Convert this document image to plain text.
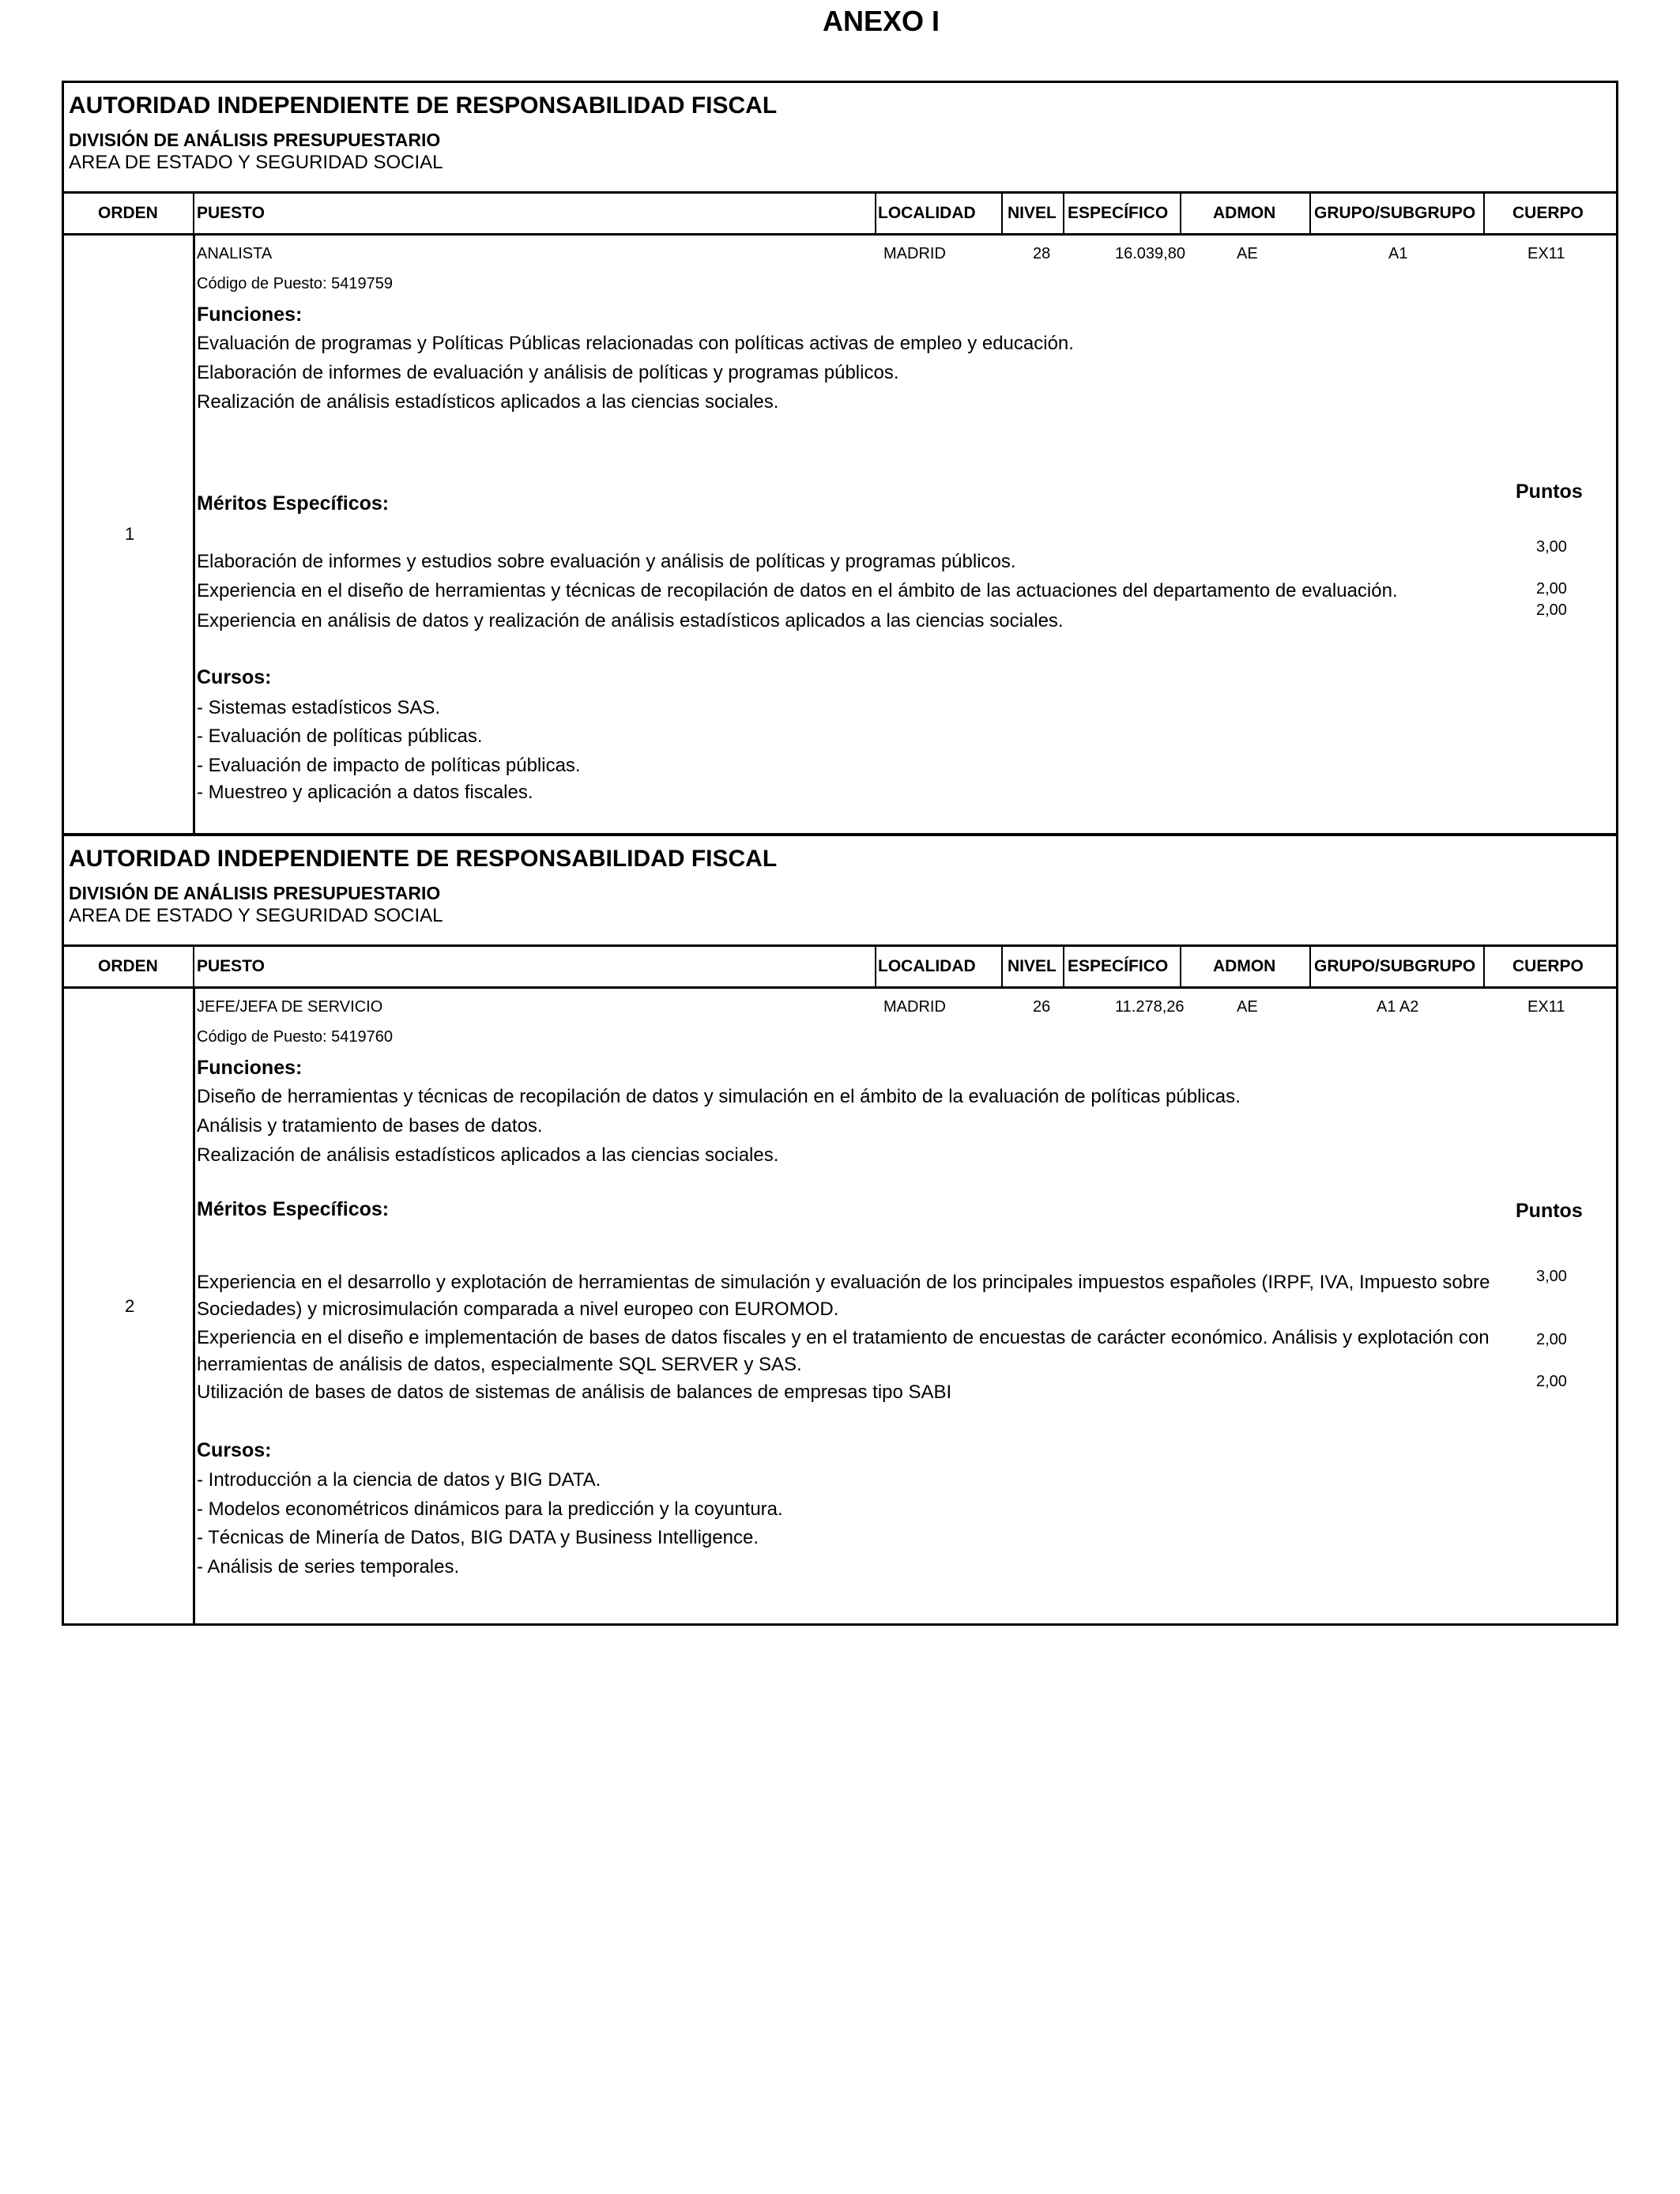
ANEXO I
AUTORIDAD INDEPENDIENTE DE RESPONSABILIDAD FISCAL
DIVISIÓN DE ANÁLISIS PRESUPUESTARIO
AREA DE ESTADO Y SEGURIDAD SOCIAL
ORDEN PUESTO	LOCALIDAD NIVEL ESPECÍFICO	ADMON GRUPO/SUBGRUPO CUERPO
1
ANALISTA	MADRID	28	16.039,80	AE	A1	EX11
Código de Puesto: 5419759
Funciones:
Evaluación de programas y Políticas Públicas relacionadas con políticas activas de empleo y educación.
Elaboración de informes de evaluación y análisis de políticas y programas públicos.
Realización de análisis estadísticos aplicados a las ciencias sociales.
Puntos
Méritos Específicos:
Elaboración de informes y estudios sobre evaluación y análisis de políticas y programas públicos.
3,00
Experiencia en el diseño de herramientas y técnicas de recopilación de datos en el ámbito de las actuaciones del departamento de evaluación.	2,00
Experiencia en análisis de datos y realización de análisis estadísticos aplicados a las ciencias sociales.	2,00
Cursos:
- Sistemas estadísticos SAS.
- Evaluación de políticas públicas.
- Evaluación de impacto de políticas públicas.
- Muestreo y aplicación a datos fiscales.
AUTORIDAD INDEPENDIENTE DE RESPONSABILIDAD FISCAL
DIVISIÓN DE ANÁLISIS PRESUPUESTARIO
AREA DE ESTADO Y SEGURIDAD SOCIAL
ORDEN PUESTO	LOCALIDAD NIVEL ESPECÍFICO	ADMON GRUPO/SUBGRUPO CUERPO
2
JEFE/JEFA DE SERVICIO	MADRID	26	11.278,26	AE	A1 A2	EX11
Código de Puesto: 5419760
Funciones:
Diseño de herramientas y técnicas de recopilación de datos y simulación en el ámbito de la evaluación de políticas públicas.
Análisis y tratamiento de bases de datos.
Realización de análisis estadísticos aplicados a las ciencias sociales.
Méritos Específicos:	Puntos
Experiencia en el desarrollo y explotación de herramientas de simulación y evaluación de los principales impuestos españoles (IRPF, IVA, Impuesto sobre Sociedades) y microsimulación comparada a nivel europeo con EUROMOD.
3,00
Experiencia en el diseño e implementación de bases de datos fiscales y en el tratamiento de encuestas de carácter económico. Análisis y explotación con herramientas de análisis de datos, especialmente SQL SERVER y SAS.
2,00
Utilización de bases de datos de sistemas de análisis de balances de empresas tipo SABI	2,00
Cursos:
- Introducción a la ciencia de datos y BIG DATA.
- Modelos econométricos dinámicos para la predicción y la coyuntura.
- Técnicas de Minería de Datos, BIG DATA y Business Intelligence.
- Análisis de series temporales.
